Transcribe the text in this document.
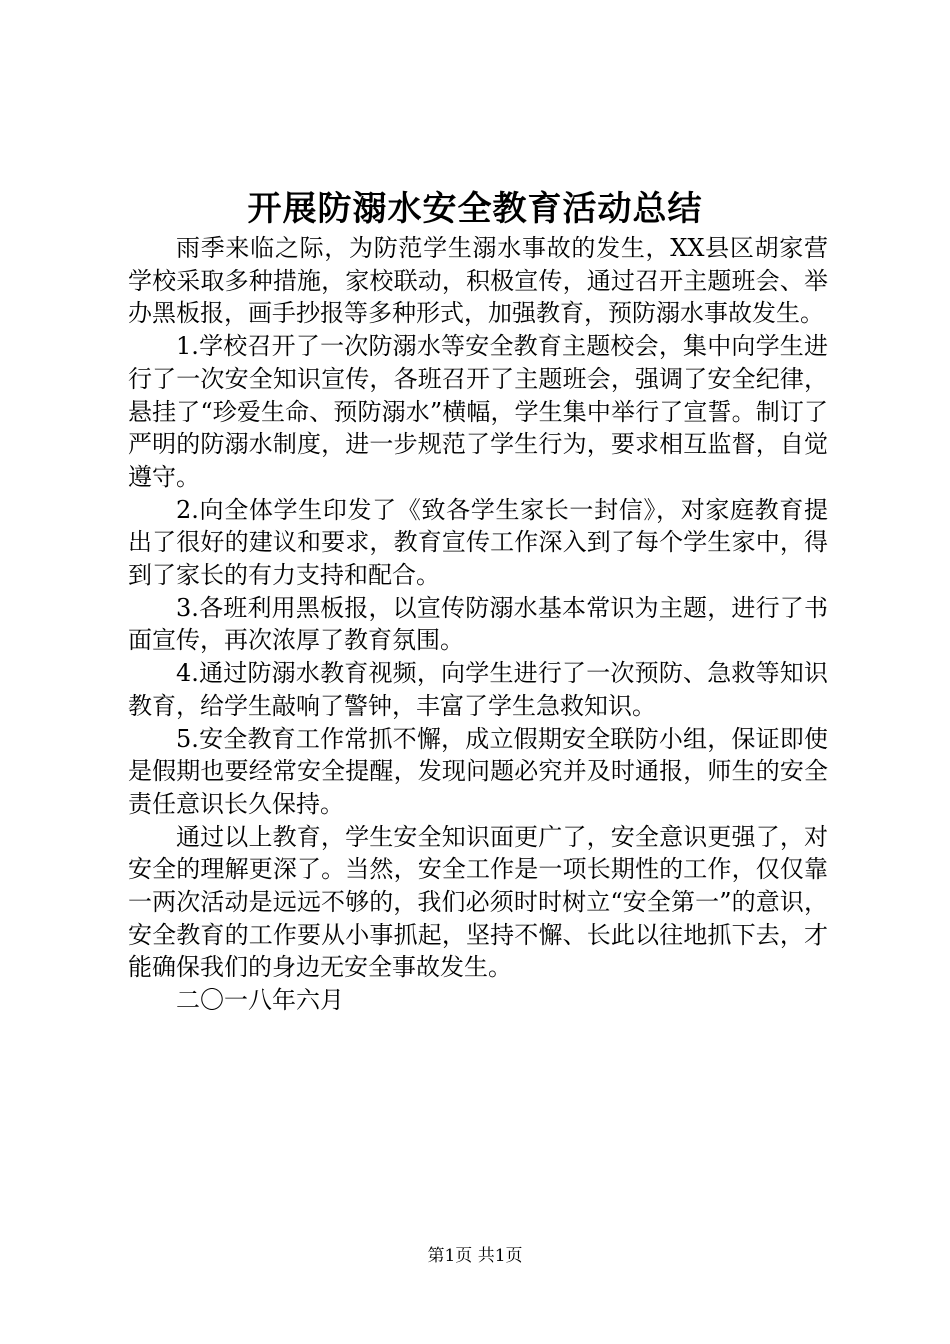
开展防溺水安全教育活动总结

雨季来临之际，为防范学生溺水事故的发生，XX县区胡家营学校采取多种措施，家校联动，积极宣传，通过召开主题班会、举办黑板报，画手抄报等多种形式，加强教育，预防溺水事故发生。

1.学校召开了一次防溺水等安全教育主题校会，集中向学生进行了一次安全知识宣传，各班召开了主题班会，强调了安全纪律，悬挂了“珍爱生命、预防溺水”横幅，学生集中举行了宣誓。制订了严明的防溺水制度，进一步规范了学生行为，要求相互监督，自觉遵守。

2.向全体学生印发了《致各学生家长一封信》，对家庭教育提出了很好的建议和要求，教育宣传工作深入到了每个学生家中，得到了家长的有力支持和配合。

3.各班利用黑板报，以宣传防溺水基本常识为主题，进行了书面宣传，再次浓厚了教育氛围。

4.通过防溺水教育视频，向学生进行了一次预防、急救等知识教育，给学生敲响了警钟，丰富了学生急救知识。

5.安全教育工作常抓不懈，成立假期安全联防小组，保证即使是假期也要经常安全提醒，发现问题必究并及时通报，师生的安全责任意识长久保持。

通过以上教育，学生安全知识面更广了，安全意识更强了，对安全的理解更深了。当然，安全工作是一项长期性的工作，仅仅靠一两次活动是远远不够的，我们必须时时树立“安全第一”的意识，安全教育的工作要从小事抓起，坚持不懈、长此以往地抓下去，才能确保我们的身边无安全事故发生。

二〇一八年六月

第1页 共1页
